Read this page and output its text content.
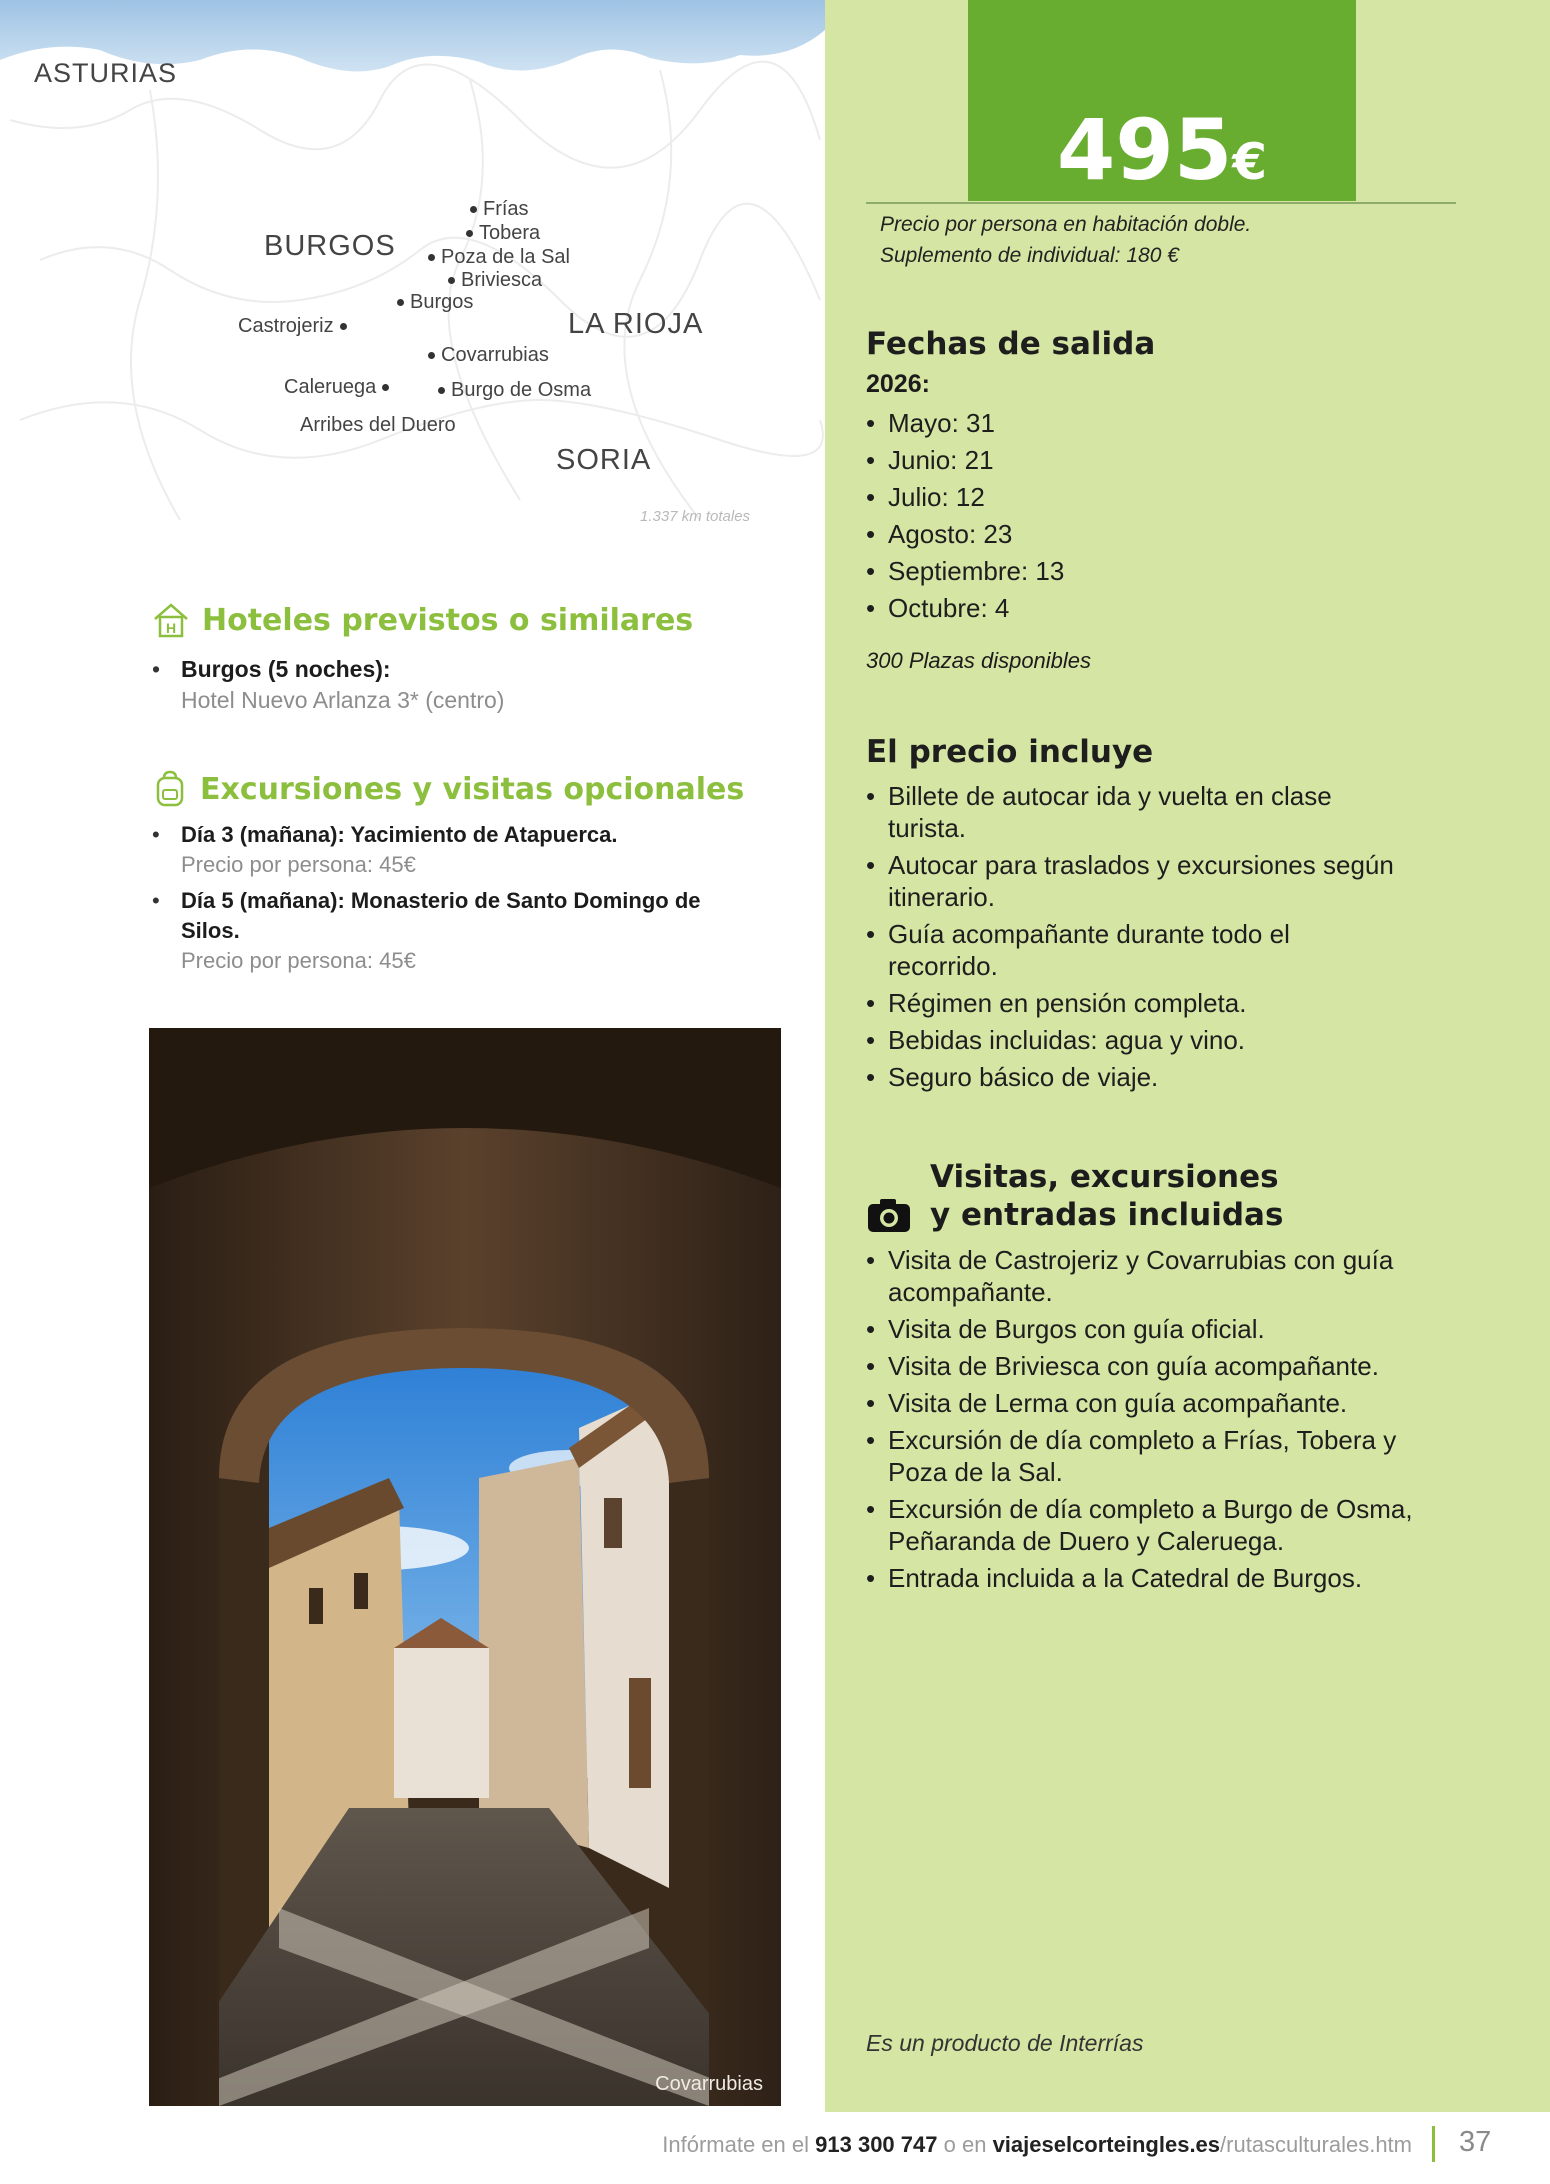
ASTURIAS
BURGOS
LA RIOJA
SORIA
Frías
Tobera
Poza de la Sal
Briviesca
Burgos
Castrojeriz
Covarrubias
Caleruega	Burgo de Osma
Arribes del Duero
1.337 km totales
H Hoteles previstos o similares
• Burgos (5 noches):
Hotel Nuevo Arlanza 3* (centro)
Excursiones y visitas opcionales
• Día 3 (mañana): Yacimiento de Atapuerca.
Precio por persona: 45€
• Día 5 (mañana): Monasterio de Santo Domingo de Silos.
Precio por persona: 45€
Covarrubias
495€
Precio por persona en habitación doble.
Suplemento de individual: 180 €
Fechas de salida
2026:
• Mayo: 31
• Junio: 21
• Julio: 12
• Agosto: 23
• Septiembre: 13
• Octubre: 4
300 Plazas disponibles
El precio incluye
• Billete de autocar ida y vuelta en clase turista.
• Autocar para traslados y excursiones según itinerario.
• Guía acompañante durante todo el recorrido.
• Régimen en pensión completa.
• Bebidas incluidas: agua y vino.
• Seguro básico de viaje.
Visitas, excursiones
y entradas incluidas
• Visita de Castrojeriz y Covarrubias con guía acompañante.
• Visita de Burgos con guía oficial.
• Visita de Briviesca con guía acompañante.
• Visita de Lerma con guía acompañante.
• Excursión de día completo a Frías, Tobera y Poza de la Sal.
• Excursión de día completo a Burgo de Osma, Peñaranda de Duero y Caleruega.
• Entrada incluida a la Catedral de Burgos.
Es un producto de Interrías
Infórmate en el 913 300 747 o en viajeselcorteingles.es/rutasculturales.htm 37
